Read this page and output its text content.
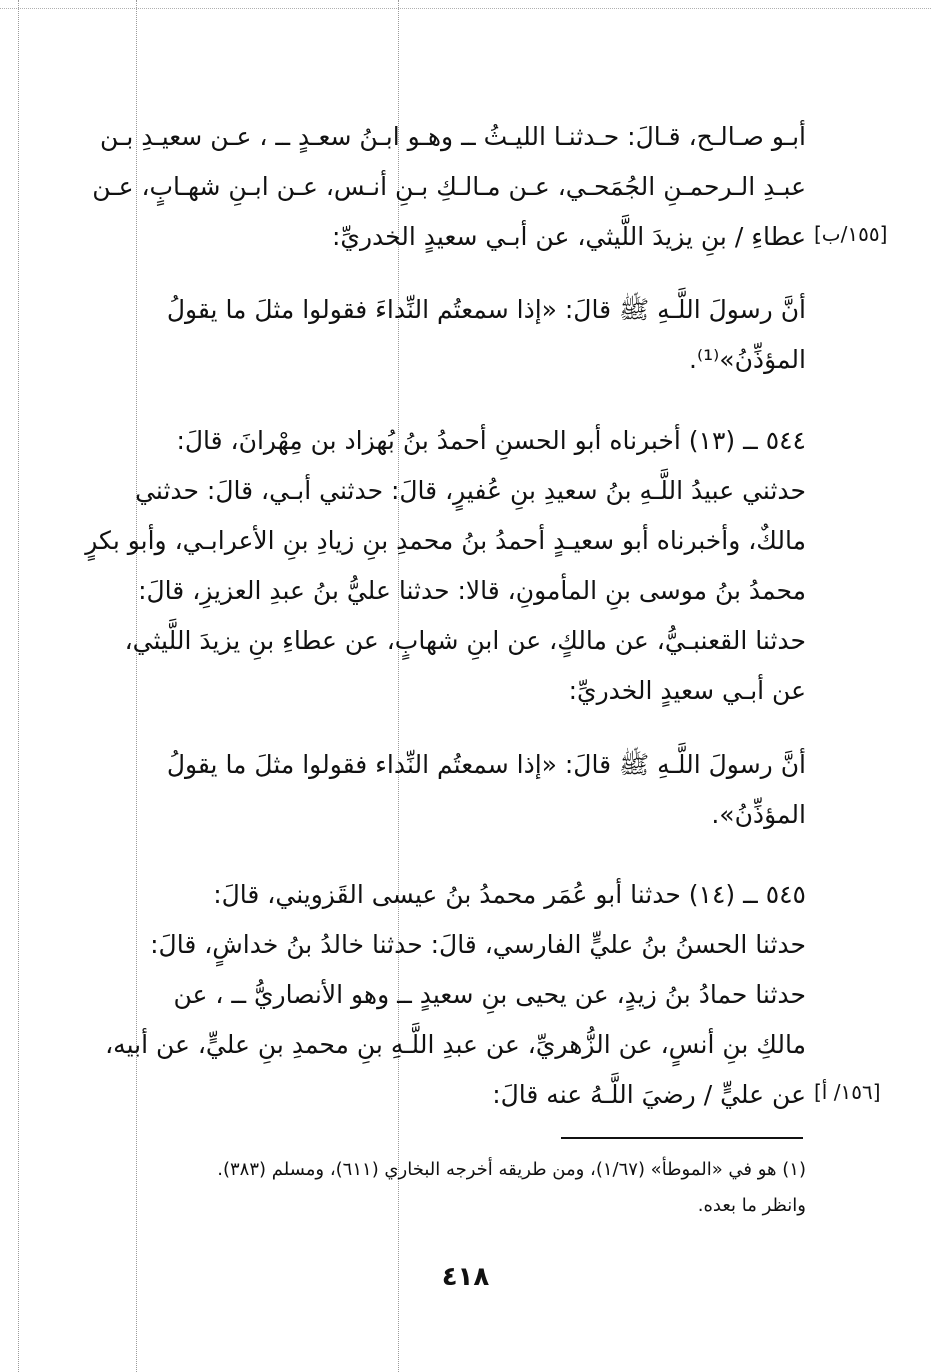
أبـو صـالـح، قـالَ: حـدثنـا الليـثُ ــ وهـو ابـنُ سعـدٍ ــ ، عـن سعيـدِ بـن
عبـدِ الـرحمـنِ الجُمَحـي، عـن مـالـكِ بـنِ أنـس، عـن ابـنِ شهـابٍ، عـن
عطاءِ / بنِ يزيدَ اللَّيثي، عن أبـي سعيدٍ الخدريِّ: [١٥٥/ب]
أنَّ رسولَ اللَّـهِ ﷺ قالَ: «إذا سمعتُم النِّداءَ فقولوا مثلَ ما يقولُ
المؤذِّنُ»⁽¹⁾.
٥٤٤ ــ (١٣) أخبرناه أبو الحسنِ أحمدُ بنُ بُهزاد بن مِهْرانَ، قالَ:
حدثني عبيدُ اللَّـهِ بنُ سعيدِ بنِ عُفيرٍ، قالَ: حدثني أبـي، قالَ: حدثني
مالكٌ، وأخبرناه أبو سعيـدٍ أحمدُ بنُ محمدِ بنِ زيادِ بنِ الأعرابـي، وأبو بكرٍ
محمدُ بنُ موسى بنِ المأمونِ، قالا: حدثنا عليُّ بنُ عبدِ العزيزِ، قالَ:
حدثنا القعنبـيُّ، عن مالكٍ، عن ابنِ شهابٍ، عن عطاءِ بنِ يزيدَ اللَّيثي،
عن أبـي سعيدٍ الخدريِّ:
أنَّ رسولَ اللَّـهِ ﷺ قالَ: «إذا سمعتُم النِّداء فقولوا مثلَ ما يقولُ
المؤذِّنُ».
٥٤٥ ــ (١٤) حدثنا أبو عُمَر محمدُ بنُ عيسى القَزويني، قالَ:
حدثنا الحسنُ بنُ عليٍّ الفارسي، قالَ: حدثنا خالدُ بنُ خداشٍ، قالَ:
حدثنا حمادُ بنُ زيدٍ، عن يحيى بنِ سعيدٍ ــ وهو الأنصاريُّ ــ ، عن
مالكِ بنِ أنسٍ، عن الزُّهريِّ، عن عبدِ اللَّـهِ بنِ محمدِ بنِ عليٍّ، عن أبيه،
عن عليٍّ / رضيَ اللَّـهُ عنه قالَ: [١٥٦/ أ]
(١) هو في «الموطأ» (١/٦٧)، ومن طريقه أخرجه البخاري (٦١١)، ومسلم (٣٨٣).
وانظر ما بعده.
٤١٨
